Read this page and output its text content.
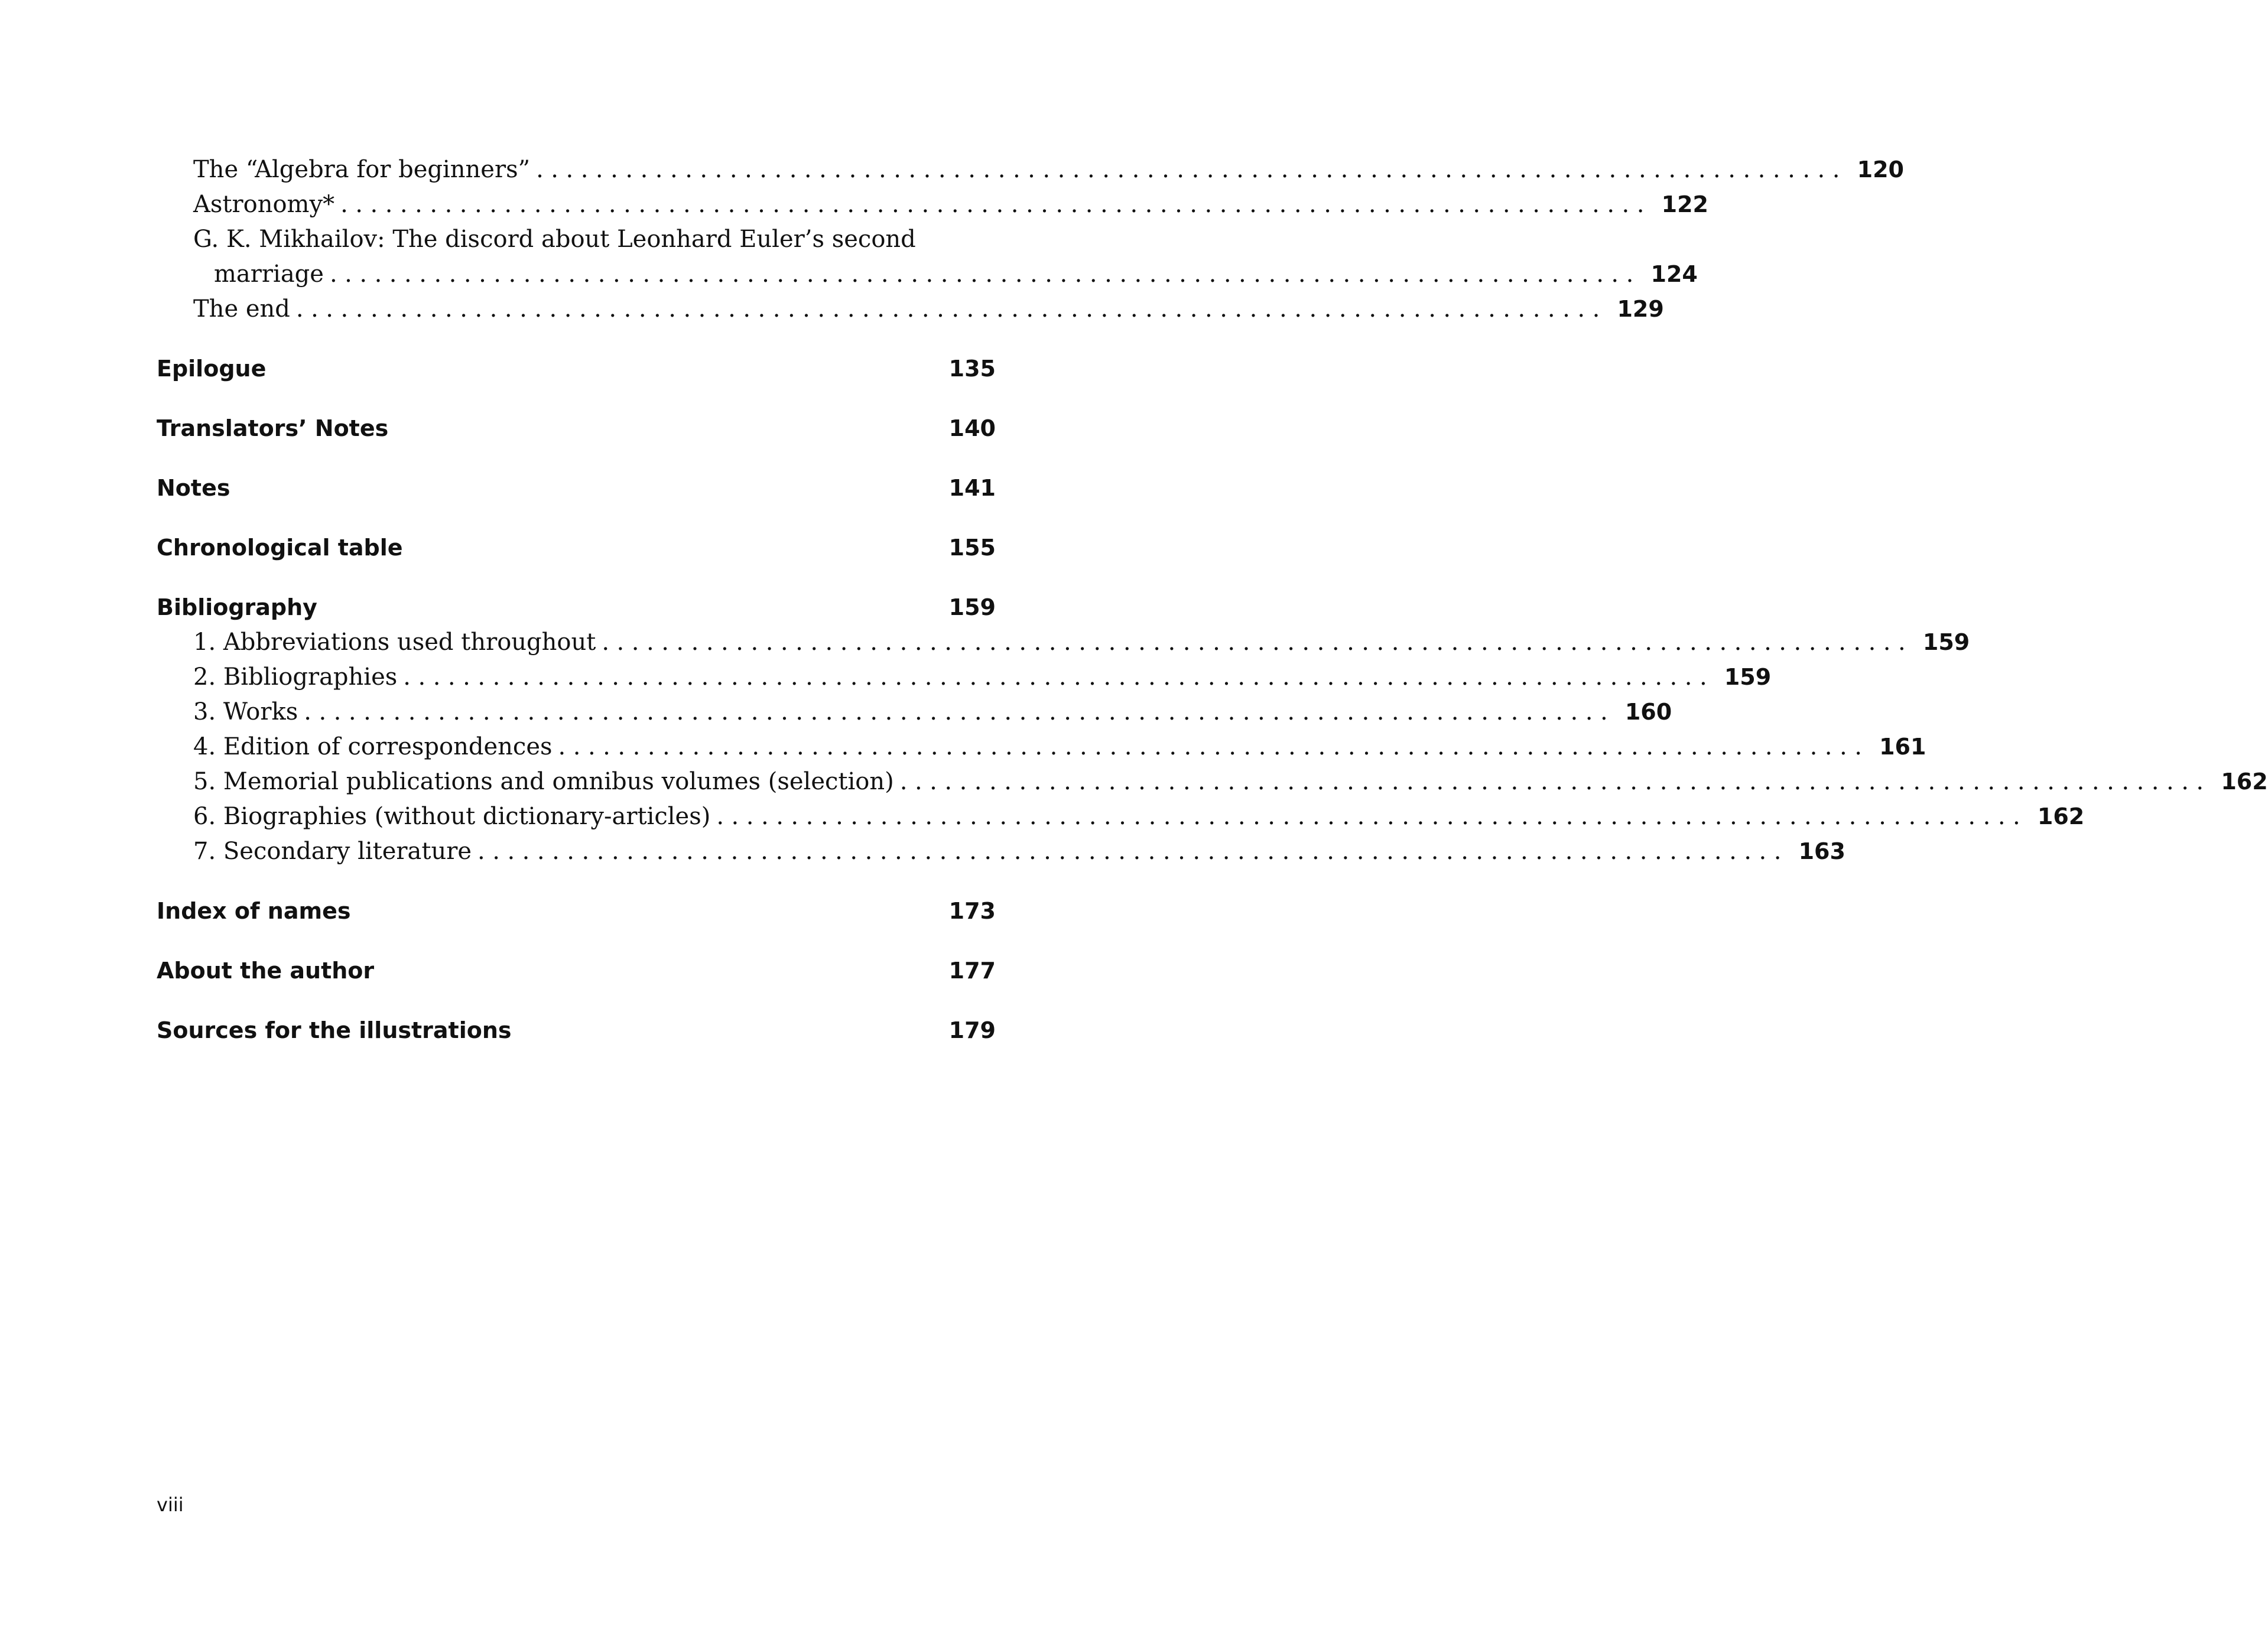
The “Algebra for beginners” ........................................................................................ 120
Astronomy* ........................................................................................ 122
G. K. Mikhailov: The discord about Leonhard Euler’s second
marriage ........................................................................................ 124
The end ........................................................................................ 129
Epilogue	135
Translators’ Notes	140
Notes	141
Chronological table	155
Bibliography	159
1. Abbreviations used throughout ........................................................................................ 159
2. Bibliographies ........................................................................................ 159
3. Works ........................................................................................ 160
4. Edition of correspondences ........................................................................................ 161
5. Memorial publications and omnibus volumes (selection) ........................................................................................ 162
6. Biographies (without dictionary-articles) ........................................................................................ 162
7. Secondary literature ........................................................................................ 163
Index of names	173
About the author	177
Sources for the illustrations	179
viii
